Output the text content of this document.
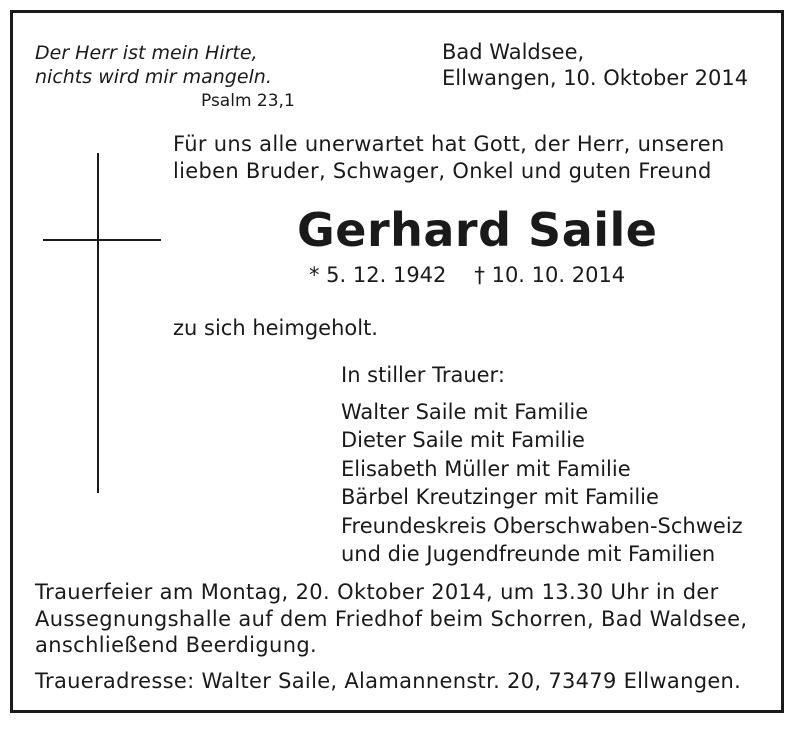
Der Herr ist mein Hirte,
nichts wird mir mangeln.
Psalm 23,1
Bad Waldsee,
Ellwangen, 10. Oktober 2014
Für uns alle unerwartet hat Gott, der Herr, unseren
lieben Bruder, Schwager, Onkel und guten Freund
Gerhard Saile
* 5. 12. 1942 † 10. 10. 2014
zu sich heimgeholt.
In stiller Trauer:
Walter Saile mit Familie
Dieter Saile mit Familie
Elisabeth Müller mit Familie
Bärbel Kreutzinger mit Familie
Freundeskreis Oberschwaben-Schweiz
und die Jugendfreunde mit Familien
Trauerfeier am Montag, 20. Oktober 2014, um 13.30 Uhr in der
Aussegnungshalle auf dem Friedhof beim Schorren, Bad Waldsee,
anschließend Beerdigung.
Traueradresse: Walter Saile, Alamannenstr. 20, 73479 Ellwangen.
